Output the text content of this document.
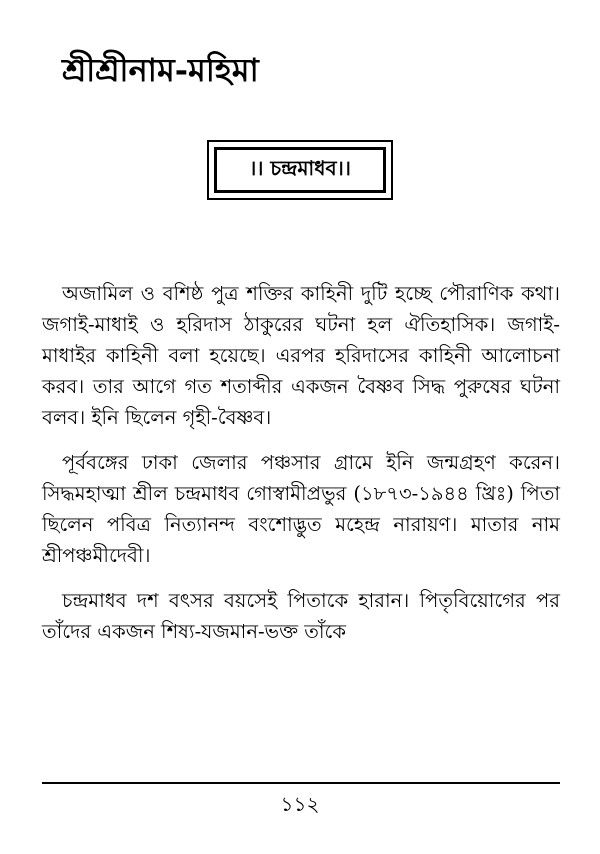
শ্রীশ্রীনাম-মহিমা
।। চন্দ্রমাধব।।

অজামিল ও বশিষ্ঠ পুত্র শক্তির কাহিনী দুটি হচ্ছে পৌরাণিক কথা। জগাই-মাধাই ও হরিদাস ঠাকুরের ঘটনা হল ঐতিহাসিক। জগাই-মাধাইর কাহিনী বলা হয়েছে। এরপর হরিদাসের কাহিনী আলোচনা করব। তার আগে গত শতাব্দীর একজন বৈষ্ণব সিদ্ধ পুরুষের ঘটনা বলব। ইনি ছিলেন গৃহী-বৈষ্ণব।

পূর্ববঙ্গের ঢাকা জেলার পঞ্চসার গ্রামে ইনি জন্মগ্রহণ করেন। সিদ্ধমহাত্মা শ্রীল চন্দ্রমাধব গোস্বামীপ্রভুর (১৮৭৩-১৯৪৪ খ্রিঃ) পিতা ছিলেন পবিত্র নিত্যানন্দ বংশোদ্ভুত মহেন্দ্র নারায়ণ। মাতার নাম শ্রীপঞ্চমীদেবী।

চন্দ্রমাধব দশ বৎসর বয়সেই পিতাকে হারান। পিতৃবিয়োগের পর তাঁদের একজন শিষ্য-যজমান-ভক্ত তাঁকে

১১২
